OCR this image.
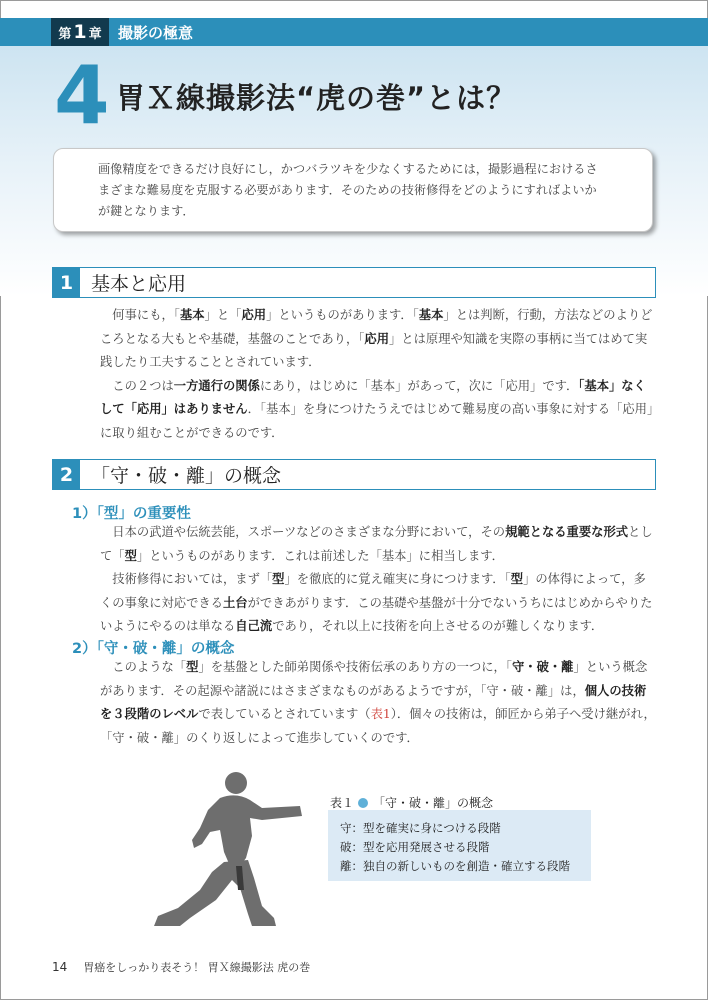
第 1 章 撮影の極意
4 胃Ｘ線撮影法“虎の巻”とは？
画像精度をできるだけ良好にし，かつバラツキを少なくするためには，撮影過程におけるさ
まざまな難易度を克服する必要があります．そのための技術修得をどのようにすればよいか
が鍵となります．
1 基本と応用

何事にも，「基本」と「応用」というものがあります．「基本」とは判断，行動，方法などのよりどころとなる大もとや基礎，基盤のことであり，「応用」とは原理や知識を実際の事柄に当てはめて実践したり工夫することとされています．

この２つは一方通行の関係にあり，はじめに「基本」があって，次に「応用」です．「基本」なくして「応用」はありません．「基本」を身につけたうえではじめて難易度の高い事象に対する「応用」に取り組むことができるのです．

2 「守・破・離」の概念
1）「型」の重要性

日本の武道や伝統芸能，スポーツなどのさまざまな分野において，その規範となる重要な形式として「型」というものがあります．これは前述した「基本」に相当します．

技術修得においては，まず「型」を徹底的に覚え確実に身につけます．「型」の体得によって，多くの事象に対応できる土台ができあがります．この基礎や基盤が十分でないうちにはじめからやりたいようにやるのは単なる自己流であり，それ以上に技術を向上させるのが難しくなります．

2）「守・破・離」の概念

このような「型」を基盤とした師弟関係や技術伝承のあり方の一つに，「守・破・離」という概念があります．その起源や諸説にはさまざまなものがあるようですが，「守・破・離」は，個人の技術を３段階のレベルで表しているとされています（表1）．個々の技術は，師匠から弟子へ受け継がれ，「守・破・離」のくり返しによって進歩していくのです．

表１ 「守・破・離」の概念
守：型を確実に身につける段階
破：型を応用発展させる段階
離：独自の新しいものを創造・確立する段階
14 胃癌をしっかり表そう！ 胃Ｘ線撮影法 虎の巻
